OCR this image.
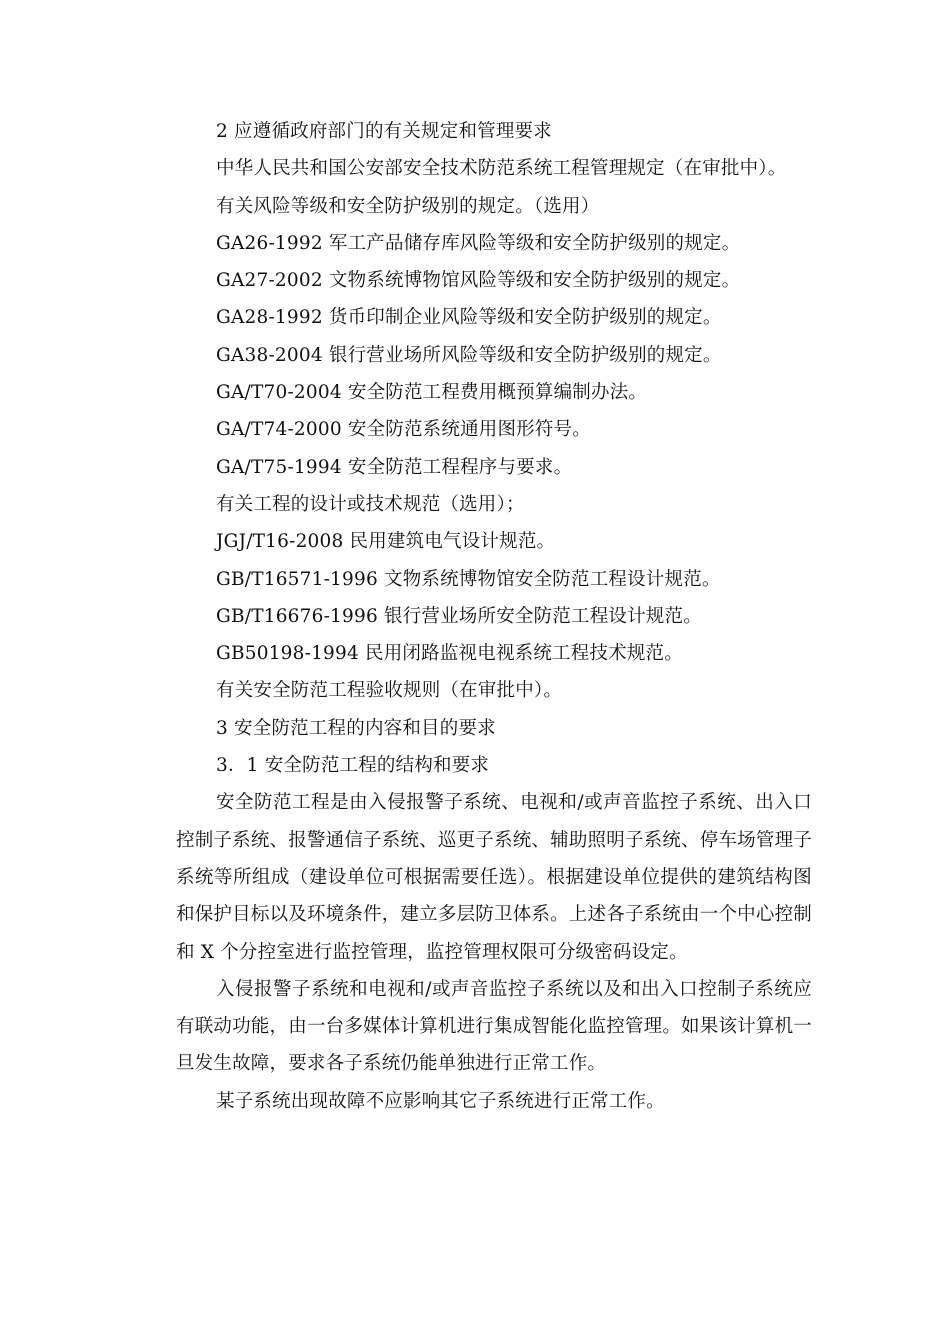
2 应遵循政府部门的有关规定和管理要求

中华人民共和国公安部安全技术防范系统工程管理规定（在审批中）。

有关风险等级和安全防护级别的规定。（选用）

GA26-1992 军工产品储存库风险等级和安全防护级别的规定。

GA27-2002 文物系统博物馆风险等级和安全防护级别的规定。

GA28-1992 货币印制企业风险等级和安全防护级别的规定。

GA38-2004 银行营业场所风险等级和安全防护级别的规定。

GA/T70-2004 安全防范工程费用概预算编制办法。

GA/T74-2000 安全防范系统通用图形符号。

GA/T75-1994 安全防范工程程序与要求。

有关工程的设计或技术规范（选用）；

JGJ/T16-2008 民用建筑电气设计规范。

GB/T16571-1996 文物系统博物馆安全防范工程设计规范。

GB/T16676-1996 银行营业场所安全防范工程设计规范。

GB50198-1994 民用闭路监视电视系统工程技术规范。

有关安全防范工程验收规则（在审批中）。

3 安全防范工程的内容和目的要求

3．1 安全防范工程的结构和要求

安全防范工程是由入侵报警子系统、电视和/或声音监控子系统、出入口控制子系统、报警通信子系统、巡更子系统、辅助照明子系统、停车场管理子系统等所组成（建设单位可根据需要任选）。根据建设单位提供的建筑结构图和保护目标以及环境条件，建立多层防卫体系。上述各子系统由一个中心控制和 X 个分控室进行监控管理，监控管理权限可分级密码设定。

入侵报警子系统和电视和/或声音监控子系统以及和出入口控制子系统应有联动功能，由一台多媒体计算机进行集成智能化监控管理。如果该计算机一旦发生故障，要求各子系统仍能单独进行正常工作。

某子系统出现故障不应影响其它子系统进行正常工作。
